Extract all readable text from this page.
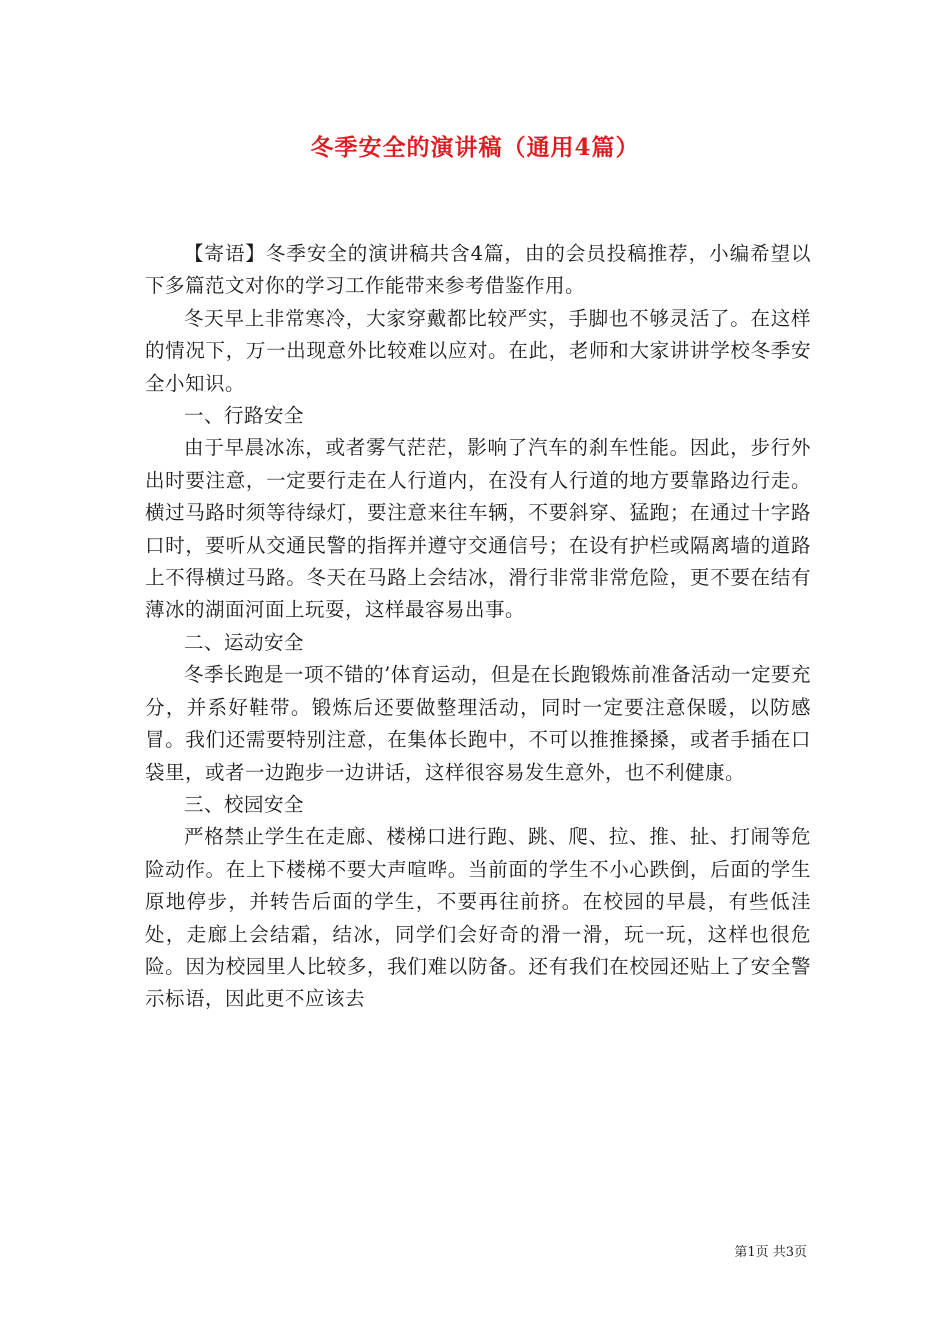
冬季安全的演讲稿（通用4篇）

【寄语】冬季安全的演讲稿共含4篇，由的会员投稿推荐，小编希望以下多篇范文对你的学习工作能带来参考借鉴作用。

冬天早上非常寒冷，大家穿戴都比较严实，手脚也不够灵活了。在这样的情况下，万一出现意外比较难以应对。在此，老师和大家讲讲学校冬季安全小知识。

一、行路安全

由于早晨冰冻，或者雾气茫茫，影响了汽车的刹车性能。因此，步行外出时要注意，一定要行走在人行道内，在没有人行道的地方要靠路边行走。横过马路时须等待绿灯，要注意来往车辆，不要斜穿、猛跑；在通过十字路口时，要听从交通民警的指挥并遵守交通信号；在设有护栏或隔离墙的道路上不得横过马路。冬天在马路上会结冰，滑行非常非常危险，更不要在结有薄冰的湖面河面上玩耍，这样最容易出事。

二、运动安全

冬季长跑是一项不错的’体育运动，但是在长跑锻炼前准备活动一定要充分，并系好鞋带。锻炼后还要做整理活动，同时一定要注意保暖，以防感冒。我们还需要特别注意，在集体长跑中，不可以推推搡搡，或者手插在口袋里，或者一边跑步一边讲话，这样很容易发生意外，也不利健康。

三、校园安全

严格禁止学生在走廊、楼梯口进行跑、跳、爬、拉、推、扯、打闹等危险动作。在上下楼梯不要大声喧哗。当前面的学生不小心跌倒，后面的学生原地停步，并转告后面的学生，不要再往前挤。在校园的早晨，有些低洼处，走廊上会结霜，结冰，同学们会好奇的滑一滑，玩一玩，这样也很危险。因为校园里人比较多，我们难以防备。还有我们在校园还贴上了安全警示标语，因此更不应该去

第1页 共3页
